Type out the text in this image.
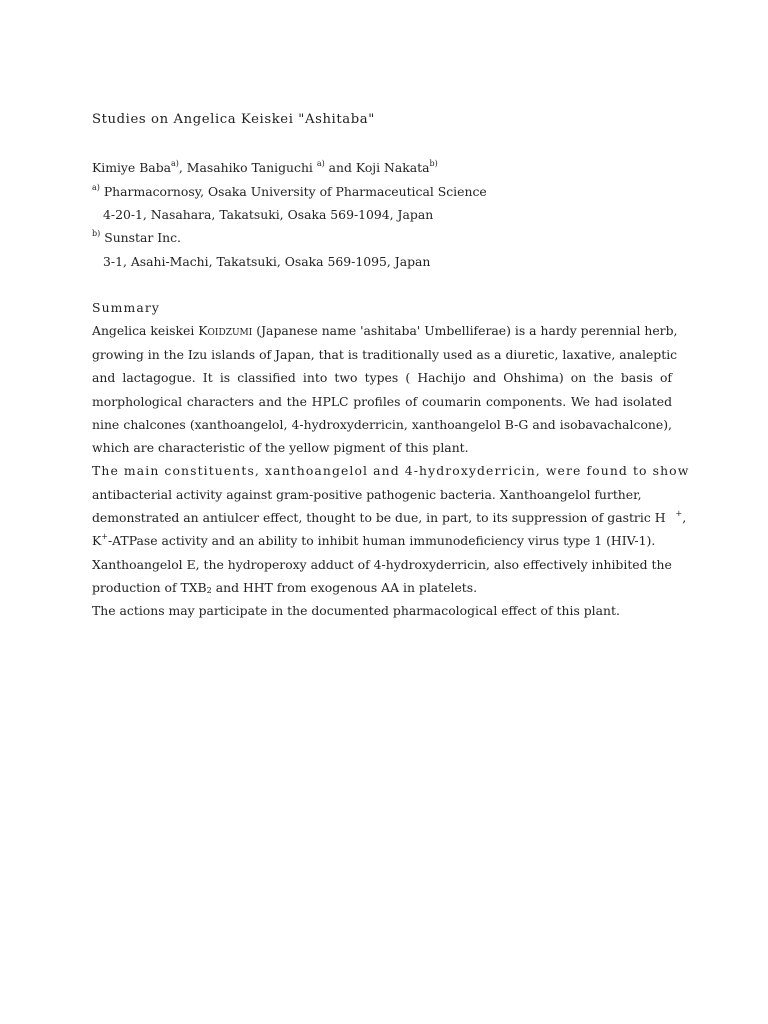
Studies on Angelica Keiskei "Ashitaba"
Kimiye Baba$^{a)}$, Masahiko Taniguchi $^{a)}$ and Koji Nakata$^{b)}$
$^{a)}$ Pharmacornosy, Osaka University of Pharmaceutical Science
4-20-1, Nasahara, Takatsuki, Osaka 569-1094, Japan
$^{b)}$ Sunstar Inc.
3-1, Asahi-Machi, Takatsuki, Osaka 569-1095, Japan
Summary
Angelica keiskei Koidzumi (Japanese name 'ashitaba' Umbelliferae) is a hardy perennial herb,
growing in the Izu islands of Japan, that is traditionally used as a diuretic, laxative, analeptic
and lactagogue. It is classified into two types ( Hachijo and Ohshima) on the basis of
morphological characters and the HPLC profiles of coumarin components. We had isolated
nine chalcones (xanthoangelol, 4-hydroxyderricin, xanthoangelol B-G and isobavachalcone),
which are characteristic of the yellow pigment of this plant.
The main constituents, xanthoangelol and 4-hydroxyderricin, were found to show
antibacterial activity against gram-positive pathogenic bacteria. Xanthoangelol further,
demonstrated an antiulcer effect, thought to be due, in part, to its suppression of gastric H +,
K+-ATPase activity and an ability to inhibit human immunodeficiency virus type 1 (HIV-1).
Xanthoangelol E, the hydroperoxy adduct of 4-hydroxyderricin, also effectively inhibited the
production of TXB2 and HHT from exogenous AA in platelets.
The actions may participate in the documented pharmacological effect of this plant.
